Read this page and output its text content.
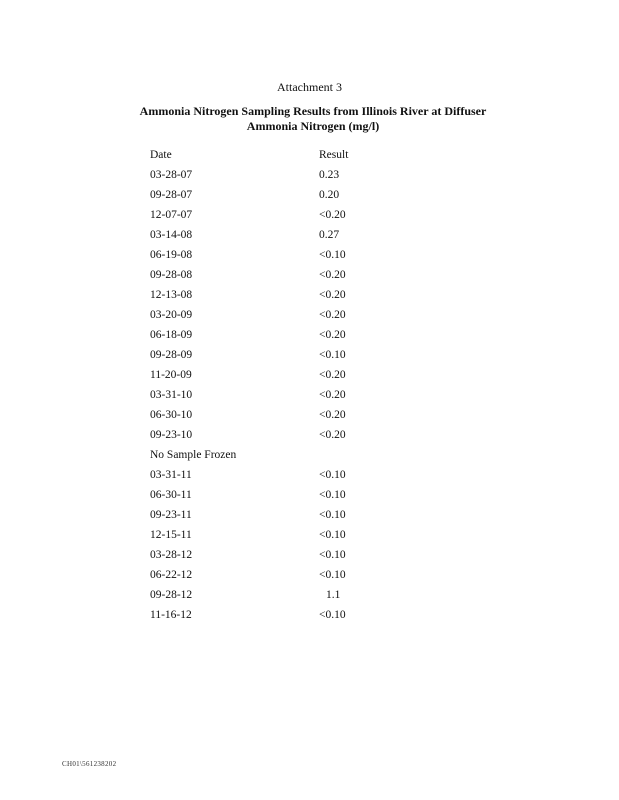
Attachment 3
Ammonia Nitrogen Sampling Results from Illinois River at Diffuser
Ammonia Nitrogen (mg/l)
Date	Result
03-28-07	0.23
09-28-07	0.20
12-07-07	<0.20
03-14-08	0.27
06-19-08	<0.10
09-28-08	<0.20
12-13-08	<0.20
03-20-09	<0.20
06-18-09	<0.20
09-28-09	<0.10
11-20-09	<0.20
03-31-10	<0.20
06-30-10	<0.20
09-23-10	<0.20
No Sample Frozen
03-31-11	<0.10
06-30-11	<0.10
09-23-11	<0.10
12-15-11	<0.10
03-28-12	<0.10
06-22-12	<0.10
09-28-12	1.1
11-16-12	<0.10
CH01\561238202
